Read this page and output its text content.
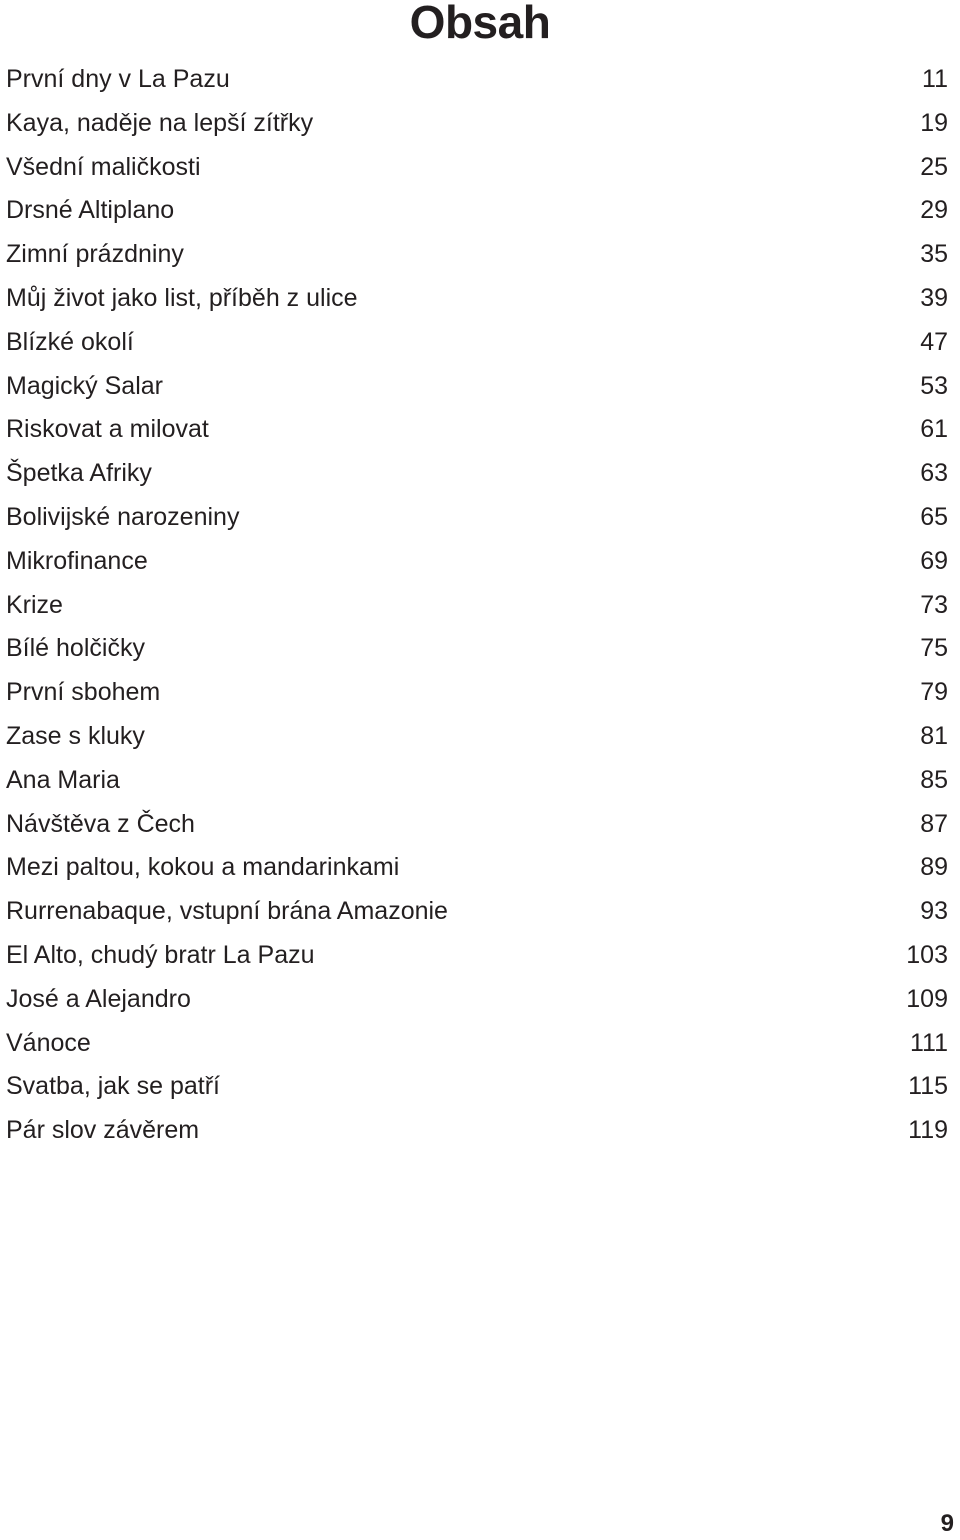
Obsah
První dny v La Pazu	11
Kaya, naděje na lepší zítřky	19
Všední maličkosti	25
Drsné Altiplano	29
Zimní prázdniny	35
Můj život jako list, příběh z ulice	39
Blízké okolí	47
Magický Salar	53
Riskovat a milovat	61
Špetka Afriky	63
Bolivijské narozeniny	65
Mikrofinance	69
Krize	73
Bílé holčičky	75
První sbohem	79
Zase s kluky	81
Ana Maria	85
Návštěva z Čech	87
Mezi paltou, kokou a mandarinkami	89
Rurrenabaque, vstupní brána Amazonie	93
El Alto, chudý bratr La Pazu	103
José a Alejandro	109
Vánoce	111
Svatba, jak se patří	115
Pár slov závěrem	119
9
